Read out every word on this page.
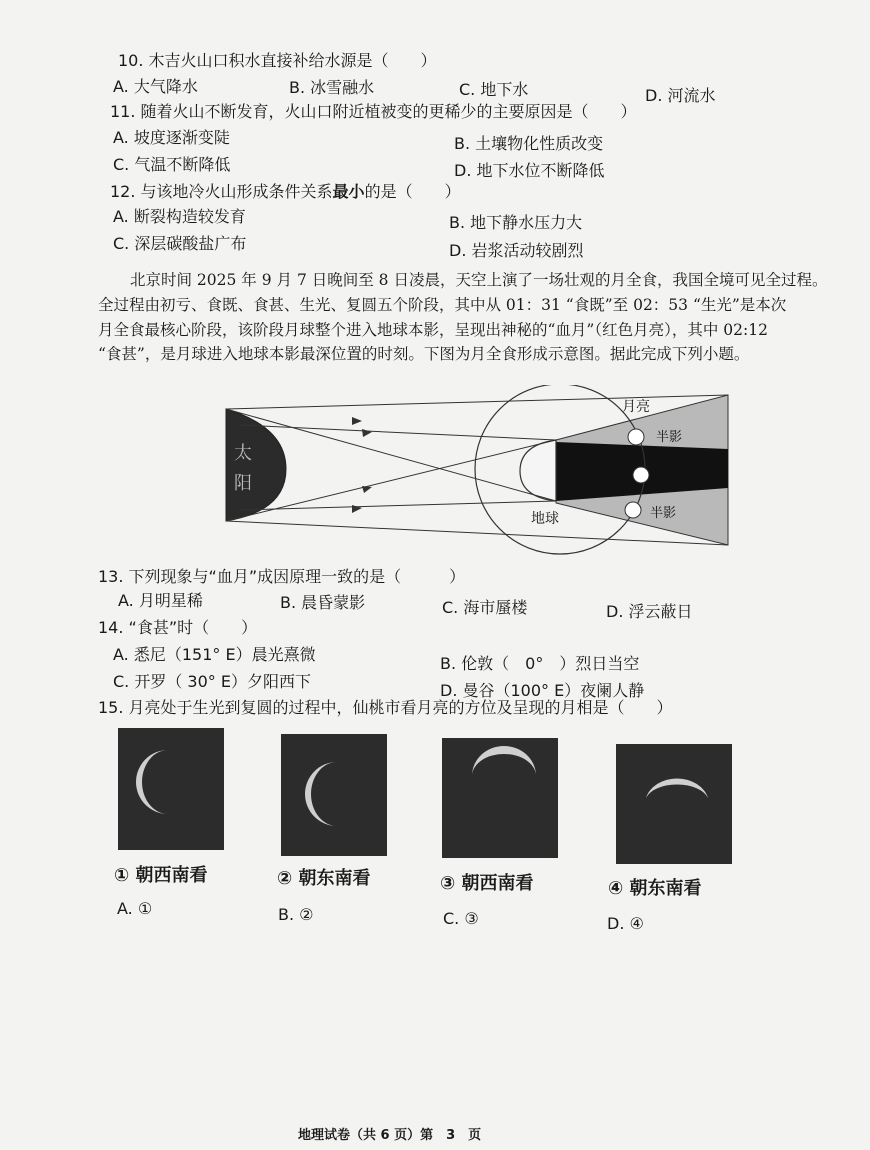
10. 木吉火山口积水直接补给水源是（　　）
A. 大气降水	B. 冰雪融水	C. 地下水	D. 河流水
11. 随着火山不断发育，火山口附近植被变的更稀少的主要原因是（　　）
A. 坡度逐渐变陡	B. 土壤物化性质改变
C. 气温不断降低	D. 地下水位不断降低
12. 与该地冷火山形成条件关系最小的是（　　）
A. 断裂构造较发育	B. 地下静水压力大
C. 深层碳酸盐广布	D. 岩浆活动较剧烈
北京时间 2025 年 9 月 7 日晚间至 8 日凌晨，天空上演了一场壮观的月全食，我国全境可见全过程。
全过程由初亏、食既、食甚、生光、复圆五个阶段，其中从 01：31 “食既”至 02：53 “生光”是本次
月全食最核心阶段，该阶段月球整个进入地球本影，呈现出神秘的“血月”（红色月亮），其中 02:12
“食甚”，是月球进入地球本影最深位置的时刻。下图为月全食形成示意图。据此完成下列小题。
太
阳
地球
月亮
半影
半影
13. 下列现象与“血月”成因原理一致的是（　　　）
A. 月明星稀	B. 晨昏蒙影	C. 海市蜃楼	D. 浮云蔽日
14. “食甚”时（　　）
A. 悉尼（151° E）晨光熹微	B. 伦敦（　0°　）烈日当空
C. 开罗（ 30° E）夕阳西下	D. 曼谷（100° E）夜阑人静
15. 月亮处于生光到复圆的过程中，仙桃市看月亮的方位及呈现的月相是（　　）
① 朝西南看	② 朝东南看	③ 朝西南看	④ 朝东南看
A. ①	B. ②	C. ③	D. ④
地理试卷（共 6 页）第　3　页
